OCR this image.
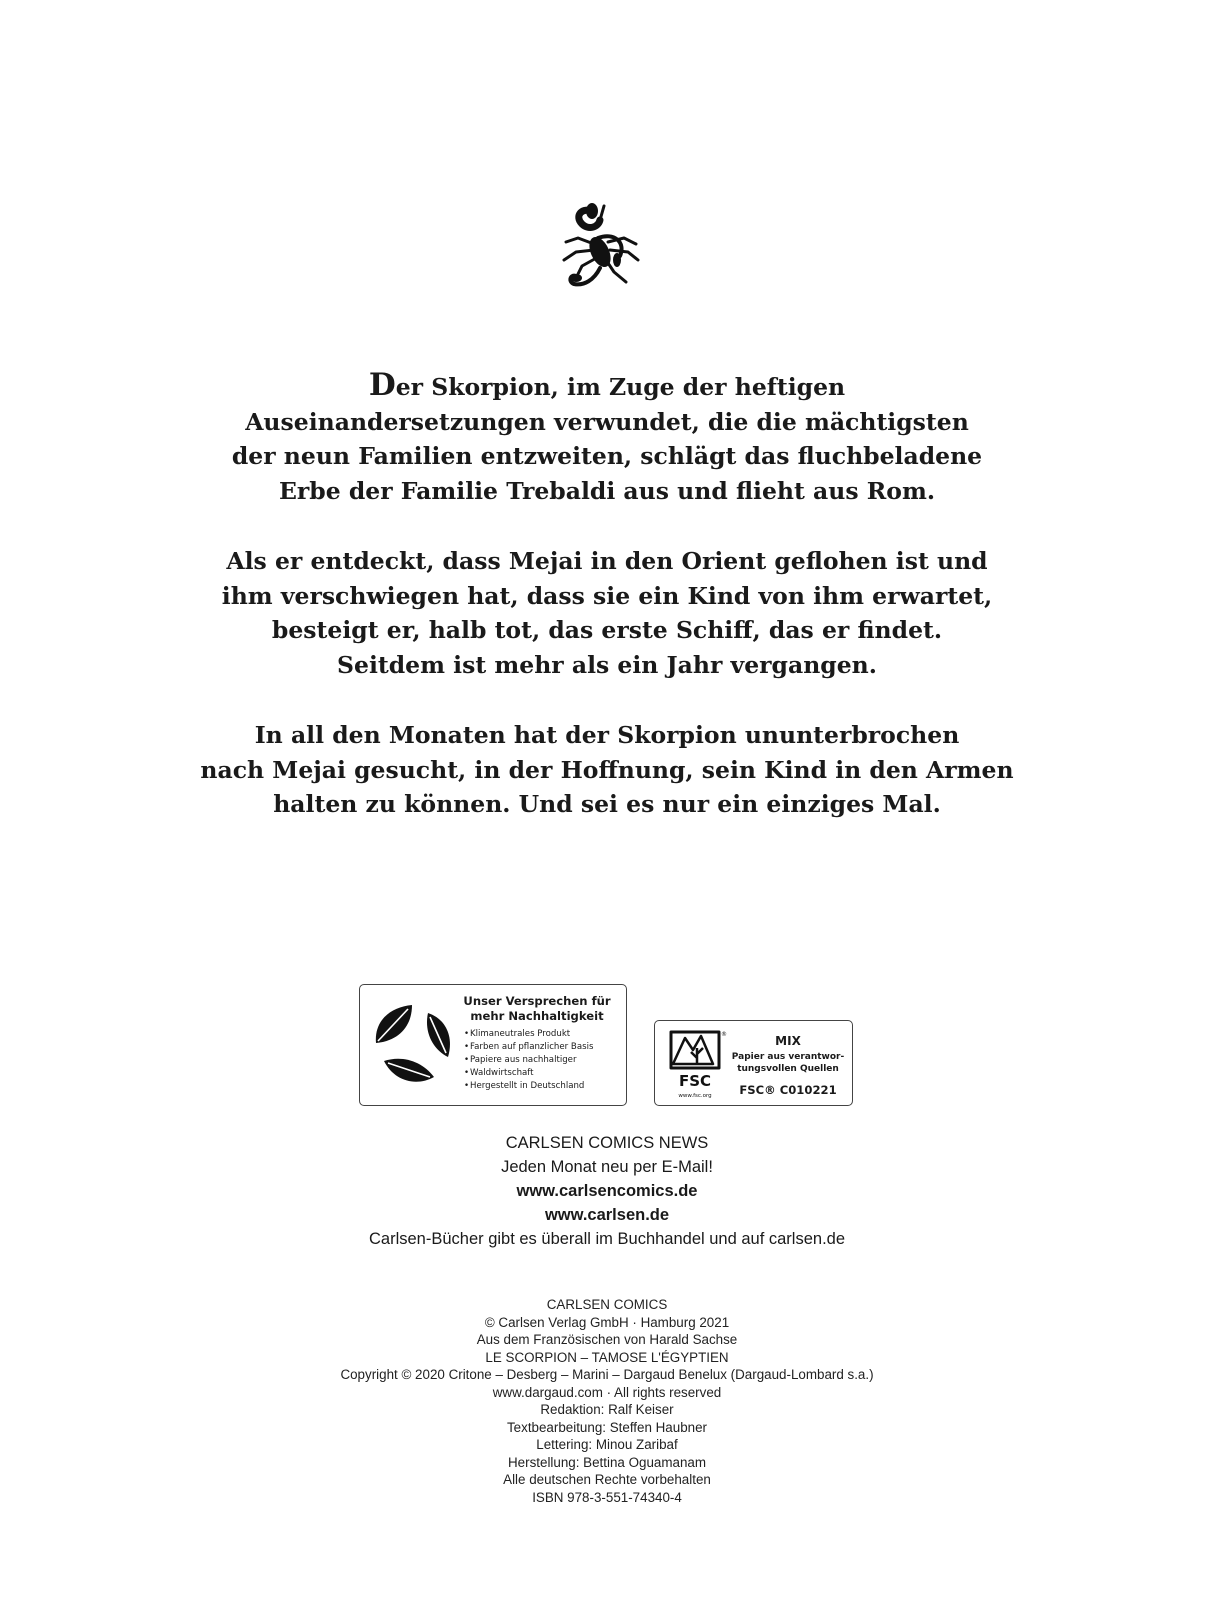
Der Skorpion, im Zuge der heftigen
Auseinandersetzungen verwundet, die die mächtigsten
der neun Familien entzweiten, schlägt das fluchbeladene
Erbe der Familie Trebaldi aus und flieht aus Rom.

Als er entdeckt, dass Mejai in den Orient geflohen ist und
ihm verschwiegen hat, dass sie ein Kind von ihm erwartet,
besteigt er, halb tot, das erste Schiff, das er findet.
Seitdem ist mehr als ein Jahr vergangen.

In all den Monaten hat der Skorpion ununterbrochen
nach Mejai gesucht, in der Hoffnung, sein Kind in den Armen
halten zu können. Und sei es nur ein einziges Mal.

Unser Versprechen für
mehr Nachhaltigkeit
• Klimaneutrales Produkt
• Farben auf pflanzlicher Basis
• Papiere aus nachhaltiger
• Waldwirtschaft
• Hergestellt in Deutschland	FSC
®
www.fsc.org
MIX
Papier aus verantwor-
tungsvollen Quellen
FSC® C010221
CARLSEN COMICS NEWS
Jeden Monat neu per E-Mail!
www.carlsencomics.de
www.carlsen.de
Carlsen-Bücher gibt es überall im Buchhandel und auf carlsen.de
CARLSEN COMICS
© Carlsen Verlag GmbH · Hamburg 2021
Aus dem Französischen von Harald Sachse
LE SCORPION – TAMOSE L'ÉGYPTIEN
Copyright © 2020 Critone – Desberg – Marini – Dargaud Benelux (Dargaud-Lombard s.a.)
www.dargaud.com · All rights reserved
Redaktion: Ralf Keiser
Textbearbeitung: Steffen Haubner
Lettering: Minou Zaribaf
Herstellung: Bettina Oguamanam
Alle deutschen Rechte vorbehalten
ISBN 978-3-551-74340-4
